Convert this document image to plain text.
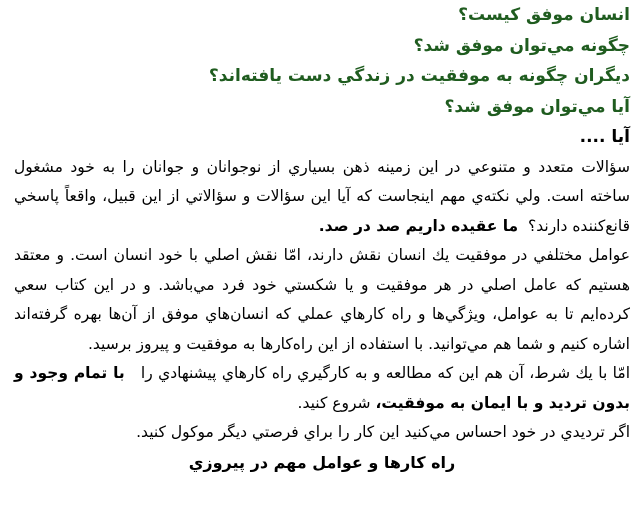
انسان موفق كيست؟
چگونه مي‌توان موفق شد؟
ديگران چگونه به موفقيت در زندگي دست يافته‌اند؟
آيا مي‌توان موفق شد؟
آيا ....

سؤالات متعدد و متنوعي در اين زمينه ذهن بسياري از نوجوانان و جوانان را به خود مشغول ساخته است. ولي نكته‌ي مهم اينجاست كه آيا اين سؤالات و سؤالاتي از اين قبيل، واقعاً پاسخي قانع‌كننده دارند؟  ما عقيده داريم صد در صد.

عوامل مختلفي در موفقيت يك انسان نقش دارند، امّا نقش اصلي با خود انسان است. و معتقد هستيم كه عامل اصلي در هر موفقيت و يا شكستي خود فرد مي‌باشد. و در اين كتاب سعي كرده‌ايم تا به عوامل، ويژگي‌ها و راه كارهاي عملي كه انسان‌هاي موفق از آن‌ها بهره گرفته‌اند اشاره كنيم و شما هم مي‌توانيد. با استفاده از اين راه‌كارها به موفقيت و پيروز برسيد.

امّا با يك شرط، آن هم اين كه مطالعه و به كارگيري راه كارهاي پيشنهادي را   با تمام وجود و بدون ترديد و با ايمان به موفقيت، شروع كنيد.

اگر ترديدي در خود احساس مي‌كنيد اين كار را براي فرصتي ديگر موكول كنيد.

راه كارها و عوامل مهم در پيروزي
